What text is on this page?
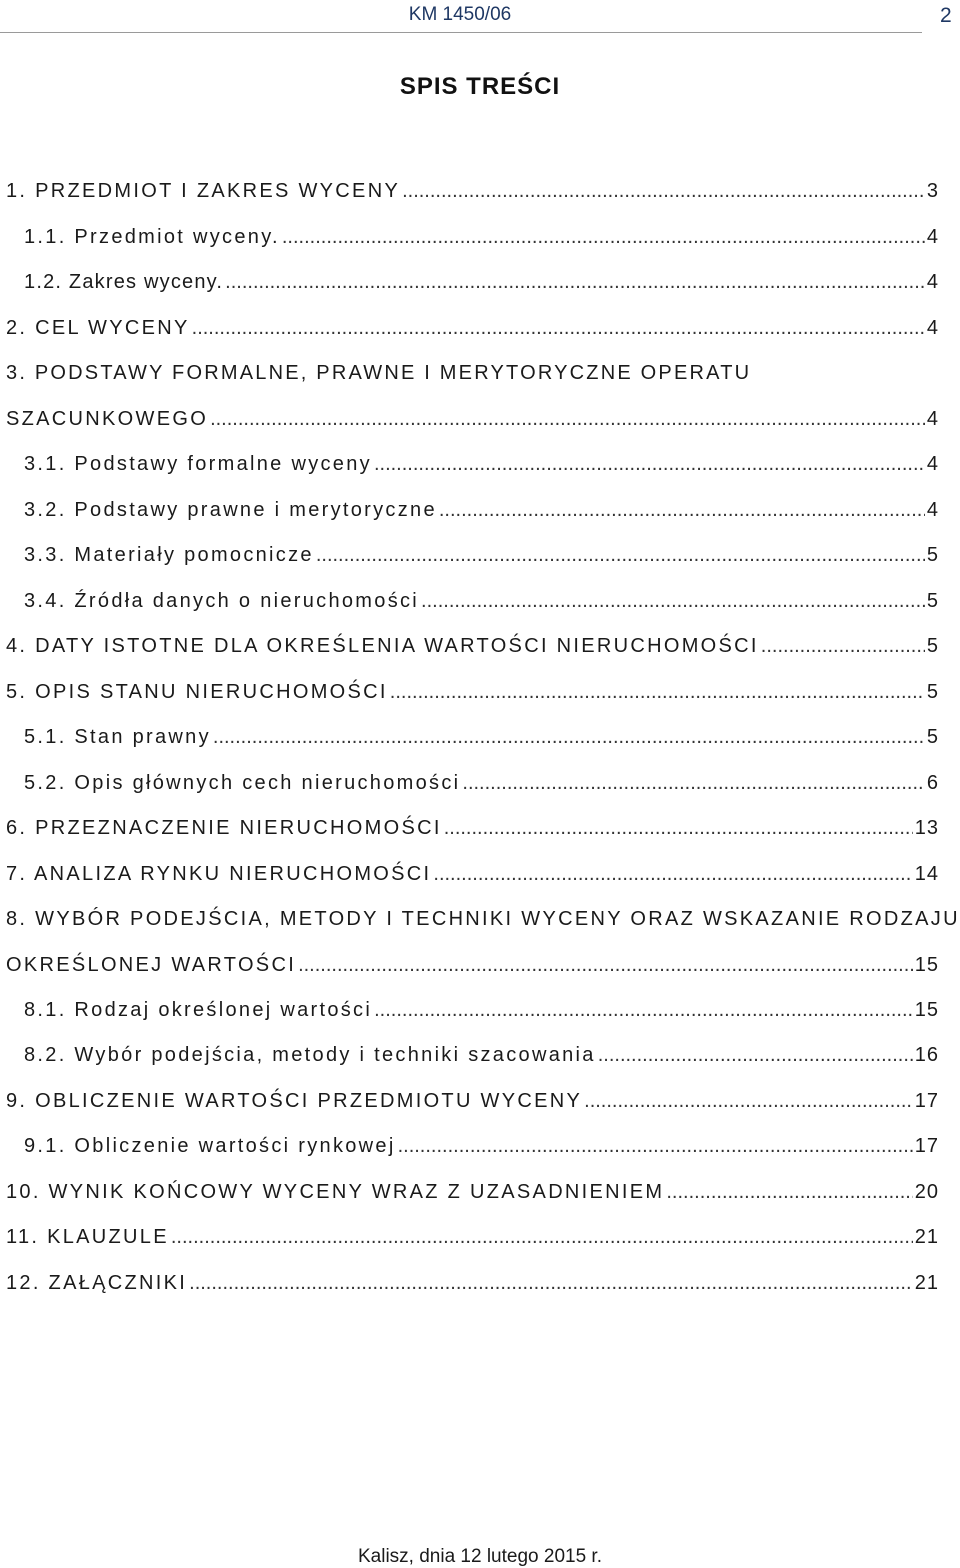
KM 1450/06	2
SPIS TREŚCI
1. PRZEDMIOT I ZAKRES WYCENY .....	3
1.1. Przedmiot wyceny. .....	4
1.2. Zakres wyceny. .....	4
2. CEL WYCENY .....	4
3. PODSTAWY FORMALNE, PRAWNE I MERYTORYCZNE OPERATU
SZACUNKOWEGO .....	4
3.1. Podstawy formalne wyceny .....	4
3.2. Podstawy prawne i merytoryczne .....	4
3.3. Materiały pomocnicze .....	5
3.4. Źródła danych o nieruchomości .....	5
4. DATY ISTOTNE DLA OKREŚLENIA WARTOŚCI NIERUCHOMOŚCI .....	5
5. OPIS STANU NIERUCHOMOŚCI .....	5
5.1. Stan prawny .....	5
5.2. Opis głównych cech nieruchomości .....	6
6. PRZEZNACZENIE NIERUCHOMOŚCI .....	13
7. ANALIZA RYNKU NIERUCHOMOŚCI .....	14
8. WYBÓR PODEJŚCIA, METODY I TECHNIKI WYCENY ORAZ WSKAZANIE RODZAJU
OKREŚLONEJ WARTOŚCI .....	15
8.1. Rodzaj określonej wartości .....	15
8.2. Wybór podejścia, metody i techniki szacowania .....	16
9. OBLICZENIE WARTOŚCI PRZEDMIOTU WYCENY .....	17
9.1. Obliczenie wartości rynkowej .....	17
10. WYNIK KOŃCOWY WYCENY WRAZ Z UZASADNIENIEM .....	20
11. KLAUZULE .....	21
12. ZAŁĄCZNIKI .....	21
Kalisz, dnia 12 lutego 2015 r.
